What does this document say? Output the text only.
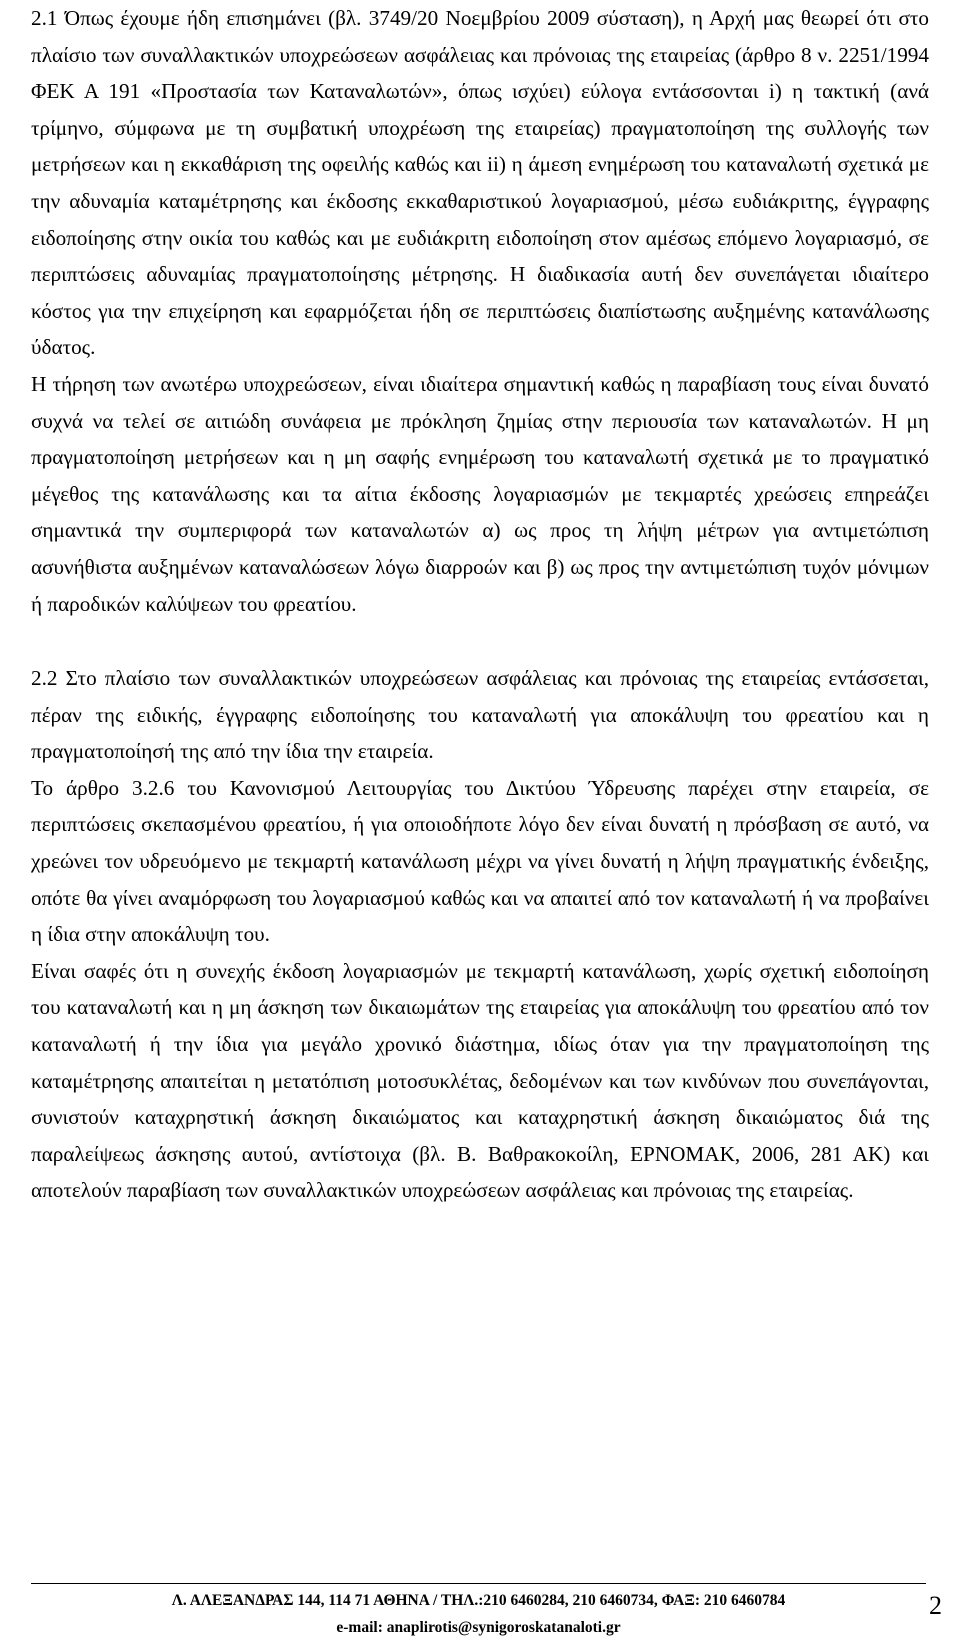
2.1 Όπως έχουμε ήδη επισημάνει (βλ. 3749/20 Νοεμβρίου 2009 σύσταση), η Αρχή μας θεωρεί ότι στο πλαίσιο των συναλλακτικών υποχρεώσεων ασφάλειας και πρόνοιας της εταιρείας (άρθρο 8 ν. 2251/1994 ΦΕΚ Α 191 «Προστασία των Καταναλωτών», όπως ισχύει) εύλογα εντάσσονται i) η τακτική (ανά τρίμηνο, σύμφωνα με τη συμβατική υποχρέωση της εταιρείας) πραγματοποίηση της συλλογής των μετρήσεων και η εκκαθάριση της οφειλής καθώς και ii) η άμεση ενημέρωση του καταναλωτή σχετικά με την αδυναμία καταμέτρησης και έκδοσης εκκαθαριστικού λογαριασμού, μέσω ευδιάκριτης, έγγραφης ειδοποίησης στην οικία του καθώς και με ευδιάκριτη ειδοποίηση στον αμέσως επόμενο λογαριασμό, σε περιπτώσεις αδυναμίας πραγματοποίησης μέτρησης. Η διαδικασία αυτή δεν συνεπάγεται ιδιαίτερο κόστος για την επιχείρηση και εφαρμόζεται ήδη σε περιπτώσεις διαπίστωσης αυξημένης κατανάλωσης ύδατος.

Η τήρηση των ανωτέρω υποχρεώσεων, είναι ιδιαίτερα σημαντική καθώς η παραβίαση τους είναι δυνατό συχνά να τελεί σε αιτιώδη συνάφεια με πρόκληση ζημίας στην περιουσία των καταναλωτών. Η μη πραγματοποίηση μετρήσεων και η μη σαφής ενημέρωση του καταναλωτή σχετικά με το πραγματικό μέγεθος της κατανάλωσης και τα αίτια έκδοσης λογαριασμών με τεκμαρτές χρεώσεις επηρεάζει σημαντικά την συμπεριφορά των καταναλωτών α) ως προς τη λήψη μέτρων για αντιμετώπιση ασυνήθιστα αυξημένων καταναλώσεων λόγω διαρροών και β) ως προς την αντιμετώπιση τυχόν μόνιμων ή παροδικών καλύψεων του φρεατίου.

2.2 Στο πλαίσιο των συναλλακτικών υποχρεώσεων ασφάλειας και πρόνοιας της εταιρείας εντάσσεται, πέραν της ειδικής, έγγραφης ειδοποίησης του καταναλωτή για αποκάλυψη του φρεατίου και η πραγματοποίησή της από την ίδια την εταιρεία.

Το άρθρο 3.2.6 του Κανονισμού Λειτουργίας του Δικτύου Ύδρευσης παρέχει στην εταιρεία, σε περιπτώσεις σκεπασμένου φρεατίου, ή για οποιοδήποτε λόγο δεν είναι δυνατή η πρόσβαση σε αυτό, να χρεώνει τον υδρευόμενο με τεκμαρτή κατανάλωση μέχρι να γίνει δυνατή η λήψη πραγματικής ένδειξης, οπότε θα γίνει αναμόρφωση του λογαριασμού καθώς και να απαιτεί από τον καταναλωτή ή να προβαίνει η ίδια στην αποκάλυψη του.

Είναι σαφές ότι η συνεχής έκδοση λογαριασμών με τεκμαρτή κατανάλωση, χωρίς σχετική ειδοποίηση του καταναλωτή και η μη άσκηση των δικαιωμάτων της εταιρείας για αποκάλυψη του φρεατίου από τον καταναλωτή ή την ίδια για μεγάλο χρονικό διάστημα, ιδίως όταν για την πραγματοποίηση της καταμέτρησης απαιτείται η μετατόπιση μοτοσυκλέτας, δεδομένων και των κινδύνων που συνεπάγονται, συνιστούν καταχρηστική άσκηση δικαιώματος και καταχρηστική άσκηση δικαιώματος διά της παραλείψεως άσκησης αυτού, αντίστοιχα (βλ. Β. Βαθρακοκοίλη, ΕΡΝΟΜΑΚ, 2006, 281 ΑΚ) και αποτελούν παραβίαση των συναλλακτικών υποχρεώσεων ασφάλειας και πρόνοιας της εταιρείας.

Λ. ΑΛΕΞΑΝΔΡΑΣ 144, 114 71 ΑΘΗΝΑ / ΤΗΛ.:210 6460284, 210 6460734, ΦΑΞ: 210 6460784
e-mail: anaplirotis@synigoroskatanaloti.gr
2
